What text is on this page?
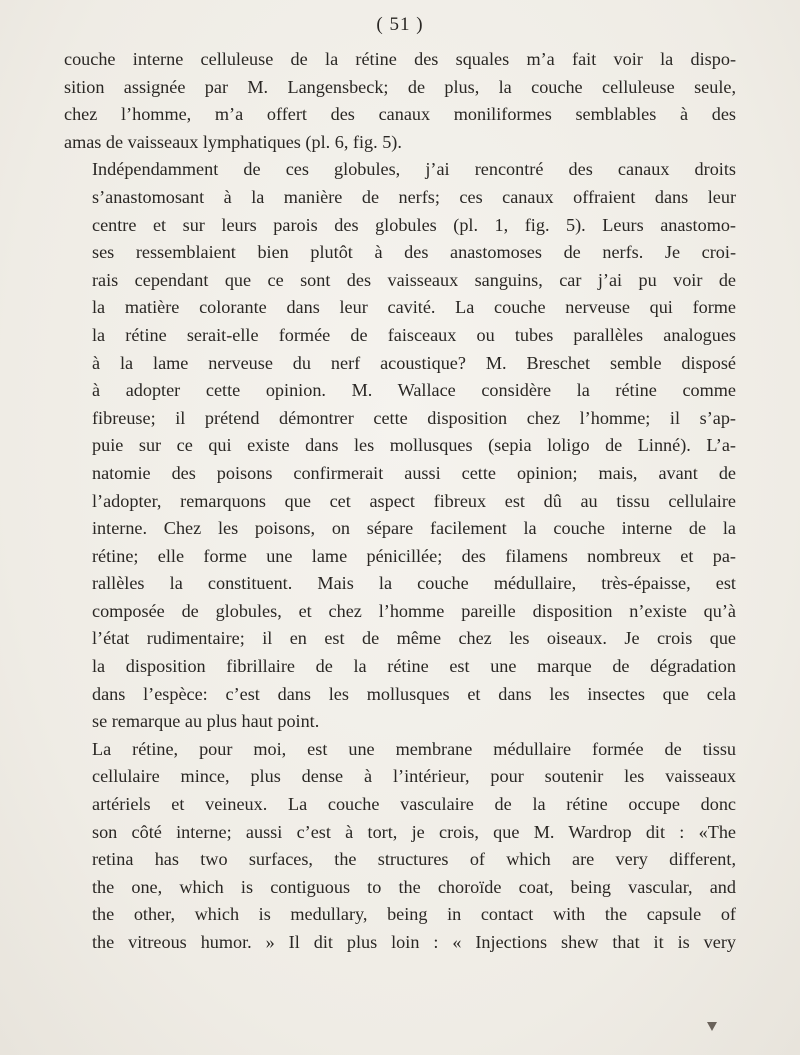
( 51 )

couche interne celluleuse de la rétine des squales m’a fait voir la dispo-
sition assignée par M. Langensbeck; de plus, la couche celluleuse seule,
chez l’homme, m’a offert des canaux moniliformes semblables à des
amas de vaisseaux lymphatiques (pl. 6, fig. 5).

Indépendamment de ces globules, j’ai rencontré des canaux droits
s’anastomosant à la manière de nerfs; ces canaux offraient dans leur
centre et sur leurs parois des globules (pl. 1, fig. 5). Leurs anastomo-
ses ressemblaient bien plutôt à des anastomoses de nerfs. Je croi-
rais cependant que ce sont des vaisseaux sanguins, car j’ai pu voir de
la matière colorante dans leur cavité. La couche nerveuse qui forme
la rétine serait-elle formée de faisceaux ou tubes parallèles analogues
à la lame nerveuse du nerf acoustique? M. Breschet semble disposé
à adopter cette opinion. M. Wallace considère la rétine comme
fibreuse; il prétend démontrer cette disposition chez l’homme; il s’ap-
puie sur ce qui existe dans les mollusques (sepia loligo de Linné). L’a-
natomie des poisons confirmerait aussi cette opinion; mais, avant de
l’adopter, remarquons que cet aspect fibreux est dû au tissu cellulaire
interne. Chez les poisons, on sépare facilement la couche interne de la
rétine; elle forme une lame pénicillée; des filamens nombreux et pa-
rallèles la constituent. Mais la couche médullaire, très-épaisse, est
composée de globules, et chez l’homme pareille disposition n’existe qu’à
l’état rudimentaire; il en est de même chez les oiseaux. Je crois que
la disposition fibrillaire de la rétine est une marque de dégradation
dans l’espèce: c’est dans les mollusques et dans les insectes que cela
se remarque au plus haut point.

La rétine, pour moi, est une membrane médullaire formée de tissu
cellulaire mince, plus dense à l’intérieur, pour soutenir les vaisseaux
artériels et veineux. La couche vasculaire de la rétine occupe donc
son côté interne; aussi c’est à tort, je crois, que M. Wardrop dit : «The
retina has two surfaces, the structures of which are very different,
the one, which is contiguous to the choroïde coat, being vascular, and
the other, which is medullary, being in contact with the capsule of
the vitreous humor. » Il dit plus loin : « Injections shew that it is very
